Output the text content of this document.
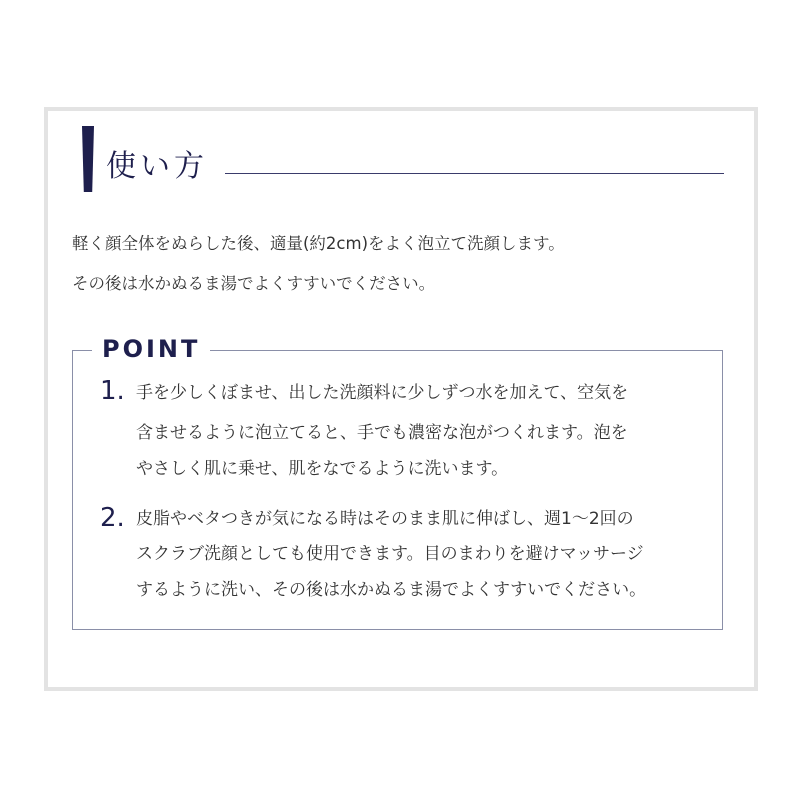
使い方
軽く顔全体をぬらした後、適量(約2cm)をよく泡立て洗顔します。
その後は水かぬるま湯でよくすすいでください。
POINT
1. 手を少しくぼませ、出した洗顔料に少しずつ水を加えて、空気を
含ませるように泡立てると、手でも濃密な泡がつくれます。泡を
やさしく肌に乗せ、肌をなでるように洗います。
2. 皮脂やベタつきが気になる時はそのまま肌に伸ばし、週1〜2回の
スクラブ洗顔としても使用できます。目のまわりを避けマッサージ
するように洗い、その後は水かぬるま湯でよくすすいでください。
